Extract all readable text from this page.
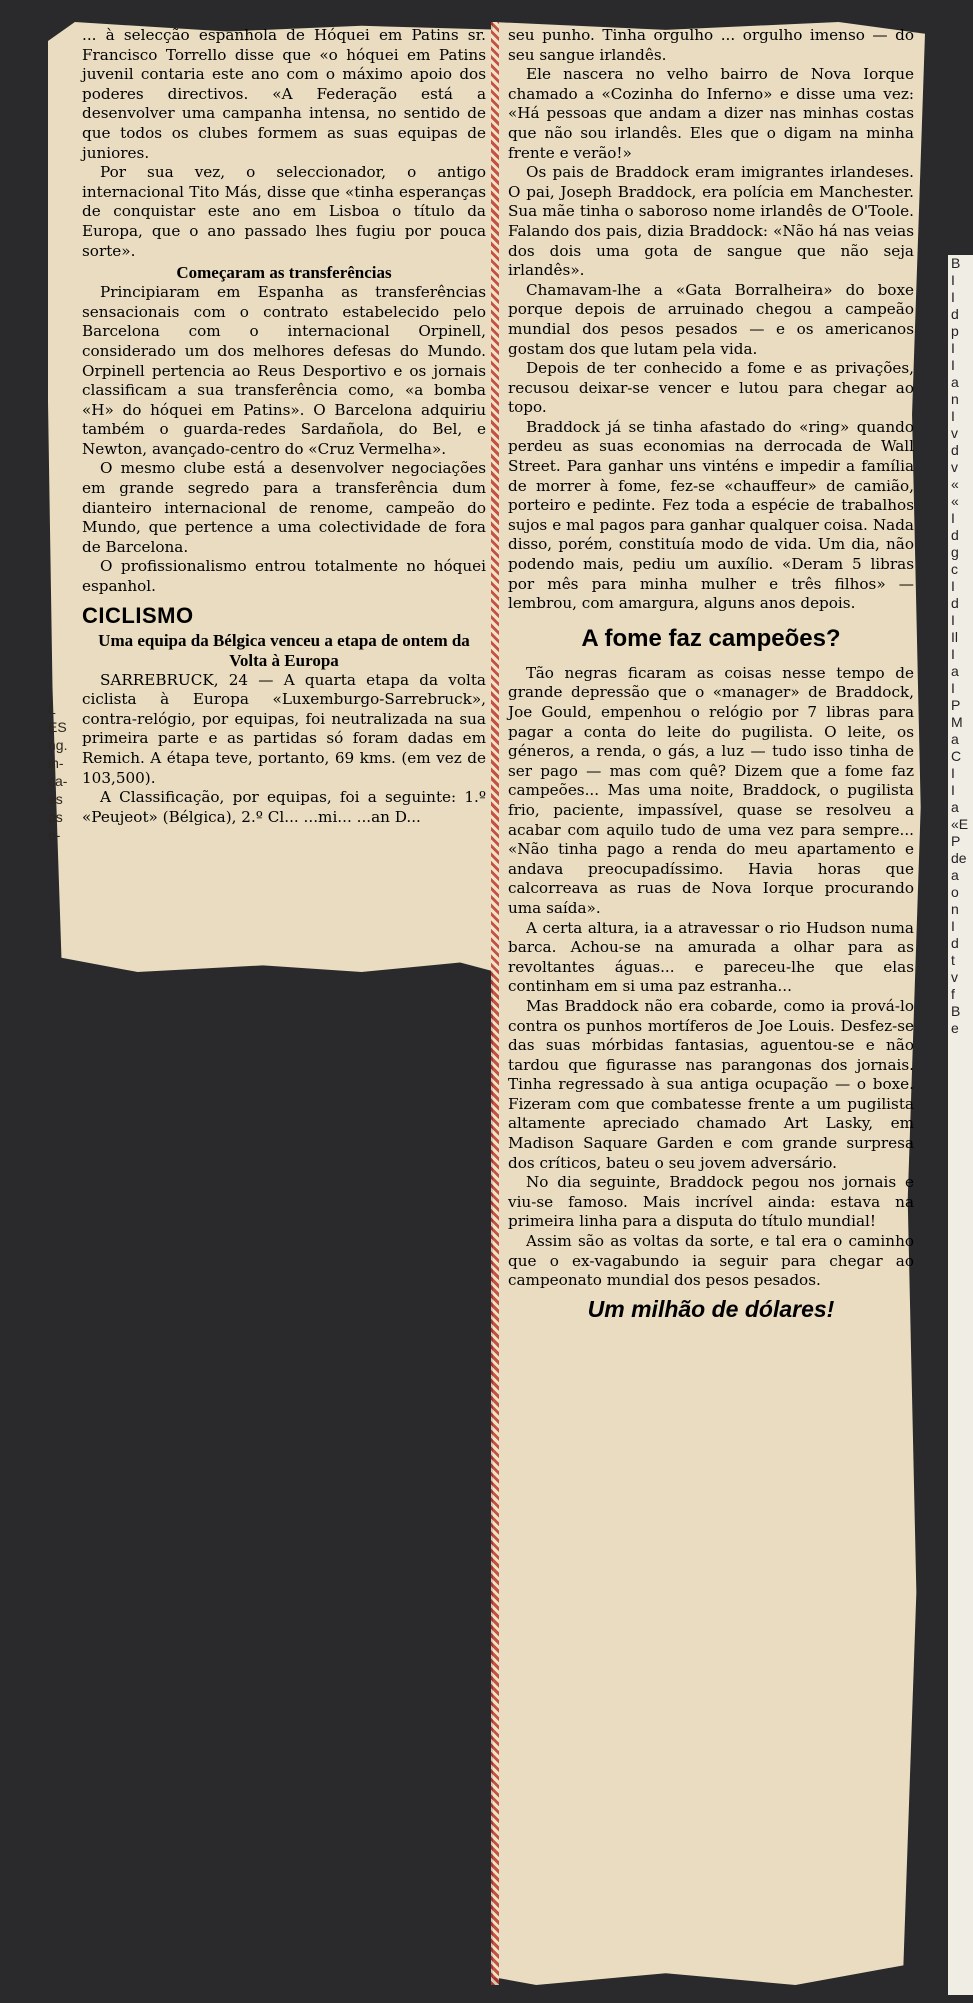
... à selecção espanhola de Hóquei em Patins sr. Francisco Torrello disse que «o hóquei em Patins juvenil contaria este ano com o máximo apoio dos poderes directivos. «A Federação está a desenvolver uma campanha intensa, no sentido de que todos os clubes formem as suas equipas de juniores.

Por sua vez, o seleccionador, o antigo internacional Tito Más, disse que «tinha esperanças de conquistar este ano em Lisboa o título da Europa, que o ano passado lhes fugiu por pouca sorte».

Começaram as transferências

Principiaram em Espanha as transferências sensacionais com o contrato estabelecido pelo Barcelona com o internacional Orpinell, considerado um dos melhores defesas do Mundo. Orpinell pertencia ao Reus Desportivo e os jornais classificam a sua transferência como, «a bomba «H» do hóquei em Patins». O Barcelona adquiriu também o guarda-redes Sardañola, do Bel, e Newton, avançado-centro do «Cruz Vermelha».

O mesmo clube está a desenvolver negociações em grande segredo para a transferência dum dianteiro internacional de renome, campeão do Mundo, que pertence a uma colectividade de fora de Barcelona.

O profissionalismo entrou totalmente no hóquei espanhol.

CICLISMO
Uma equipa da Bélgica venceu a etapa de ontem da Volta à Europa

SARREBRUCK, 24 — A quarta etapa da volta ciclista à Europa «Luxemburgo-Sarrebruck», contra-relógio, por equipas, foi neutralizada na sua primeira parte e as partidas só foram dadas em Remich. A étapa teve, portanto, 69 kms. (em vez de 103,500).

A Classificação, por equipas, foi a seguinte: 1.º «Peujeot» (Bélgica), 2.º Cl... ...mi... ...an D...

seu punho. Tinha orgulho ... orgulho imenso — do seu sangue irlandês.

Ele nascera no velho bairro de Nova Iorque chamado a «Cozinha do Inferno» e disse uma vez: «Há pessoas que andam a dizer nas minhas costas que não sou irlandês. Eles que o digam na minha frente e verão!»

Os pais de Braddock eram imigrantes irlandeses. O pai, Joseph Braddock, era polícia em Manchester. Sua mãe tinha o saboroso nome irlandês de O'Toole. Falando dos pais, dizia Braddock: «Não há nas veias dos dois uma gota de sangue que não seja irlandês».

Chamavam-lhe a «Gata Borralheira» do boxe porque depois de arruinado chegou a campeão mundial dos pesos pesados — e os americanos gostam dos que lutam pela vida.

Depois de ter conhecido a fome e as privações, recusou deixar-se vencer e lutou para chegar ao topo.

Braddock já se tinha afastado do «ring» quando perdeu as suas economias na derrocada de Wall Street. Para ganhar uns vinténs e impedir a família de morrer à fome, fez-se «chauffeur» de camião, porteiro e pedinte. Fez toda a espécie de trabalhos sujos e mal pagos para ganhar qualquer coisa. Nada disso, porém, constituía modo de vida. Um dia, não podendo mais, pediu um auxílio. «Deram 5 libras por mês para minha mulher e três filhos» — lembrou, com amargura, alguns anos depois.

A fome faz campeões?

Tão negras ficaram as coisas nesse tempo de grande depressão que o «manager» de Braddock, Joe Gould, empenhou o relógio por 7 libras para pagar a conta do leite do pugilista. O leite, os géneros, a renda, o gás, a luz — tudo isso tinha de ser pago — mas com quê? Dizem que a fome faz campeões... Mas uma noite, Braddock, o pugilista frio, paciente, impassível, quase se resolveu a acabar com aquilo tudo de uma vez para sempre... «Não tinha pago a renda do meu apartamento e andava preocupadíssimo. Havia horas que calcorreava as ruas de Nova Iorque procurando uma saída».

A certa altura, ia a atravessar o rio Hudson numa barca. Achou-se na amurada a olhar para as revoltantes águas... e pareceu-lhe que elas continham em si uma paz estranha...

Mas Braddock não era cobarde, como ia prová-lo contra os punhos mortíferos de Joe Louis. Desfez-se das suas mórbidas fantasias, aguentou-se e não tardou que figurasse nas parangonas dos jornais. Tinha regressado à sua antiga ocupação — o boxe. Fizeram com que combatesse frente a um pugilista altamente apreciado chamado Art Lasky, em Madison Saquare Garden e com grande surpresa dos críticos, bateu o seu jovem adversário.

No dia seguinte, Braddock pegou nos jornais e viu-se famoso. Mais incrível ainda: estava na primeira linha para a disputa do título mundial!

Assim são as voltas da sorte, e tal era o caminho que o ex-vagabundo ia seguir para chegar ao campeonato mundial dos pesos pesados.

Um milhão de dólares!
L
ES
ng.
in-
ca-
es
ps
e-
B
I
I
d
p
I
I
a
n
I
v
d
v
«
«
I
d
g
c
I
d
I
Il
I
a
I
P
M
a
C
I
I
a
«E
P
de
a
o
n
I
d
t
v
f
B
e
